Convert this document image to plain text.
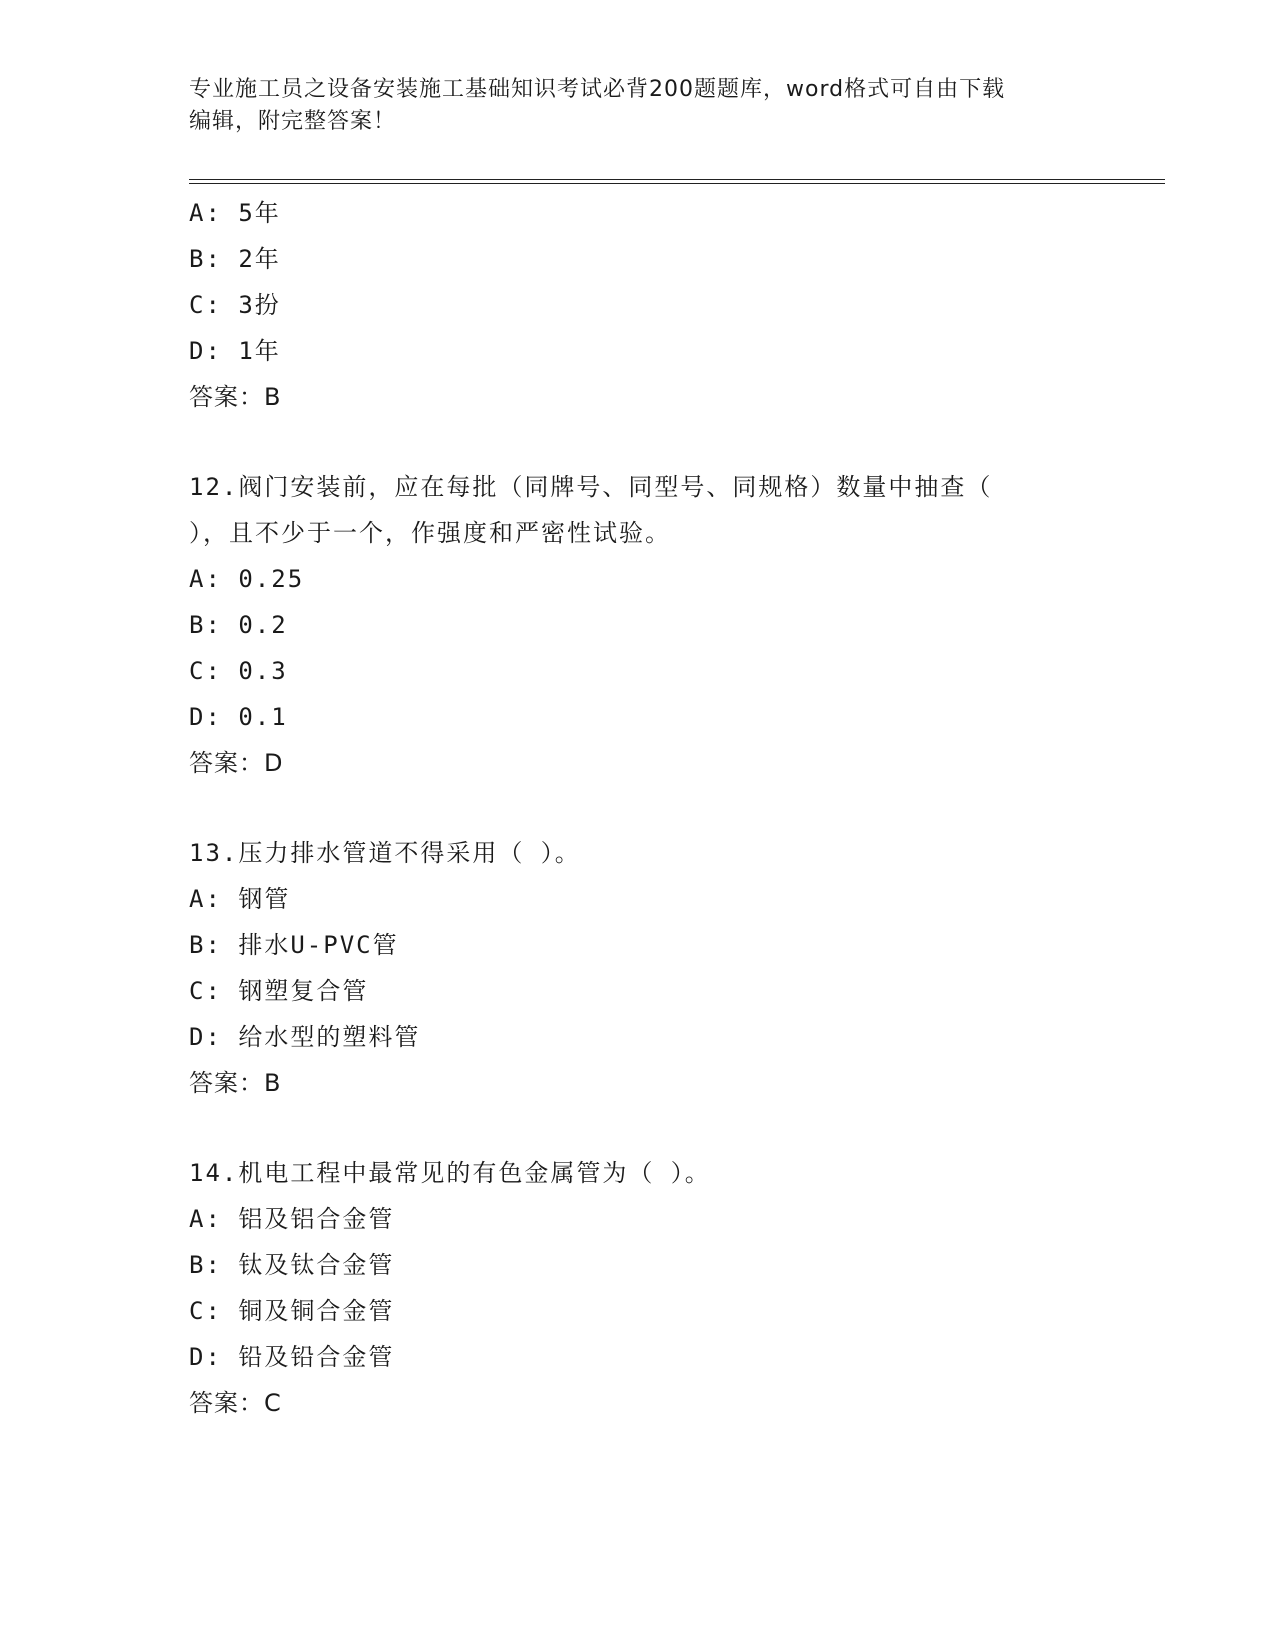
专业施工员之设备安装施工基础知识考试必背200题题库，word格式可自由下载
编辑，附完整答案！
A: 5年
B: 2年
C: 3扮
D: 1年
答案：B
12.阀门安装前，应在每批（同牌号、同型号、同规格）数量中抽查（
），且不少于一个，作强度和严密性试验。
A: 0.25
B: 0.2
C: 0.3
D: 0.1
答案：D
13.压力排水管道不得采用（ ）。
A: 钢管
B: 排水U-PVC管
C: 钢塑复合管
D: 给水型的塑料管
答案：B
14.机电工程中最常见的有色金属管为（ ）。
A: 铝及铝合金管
B: 钛及钛合金管
C: 铜及铜合金管
D: 铅及铅合金管
答案：C
